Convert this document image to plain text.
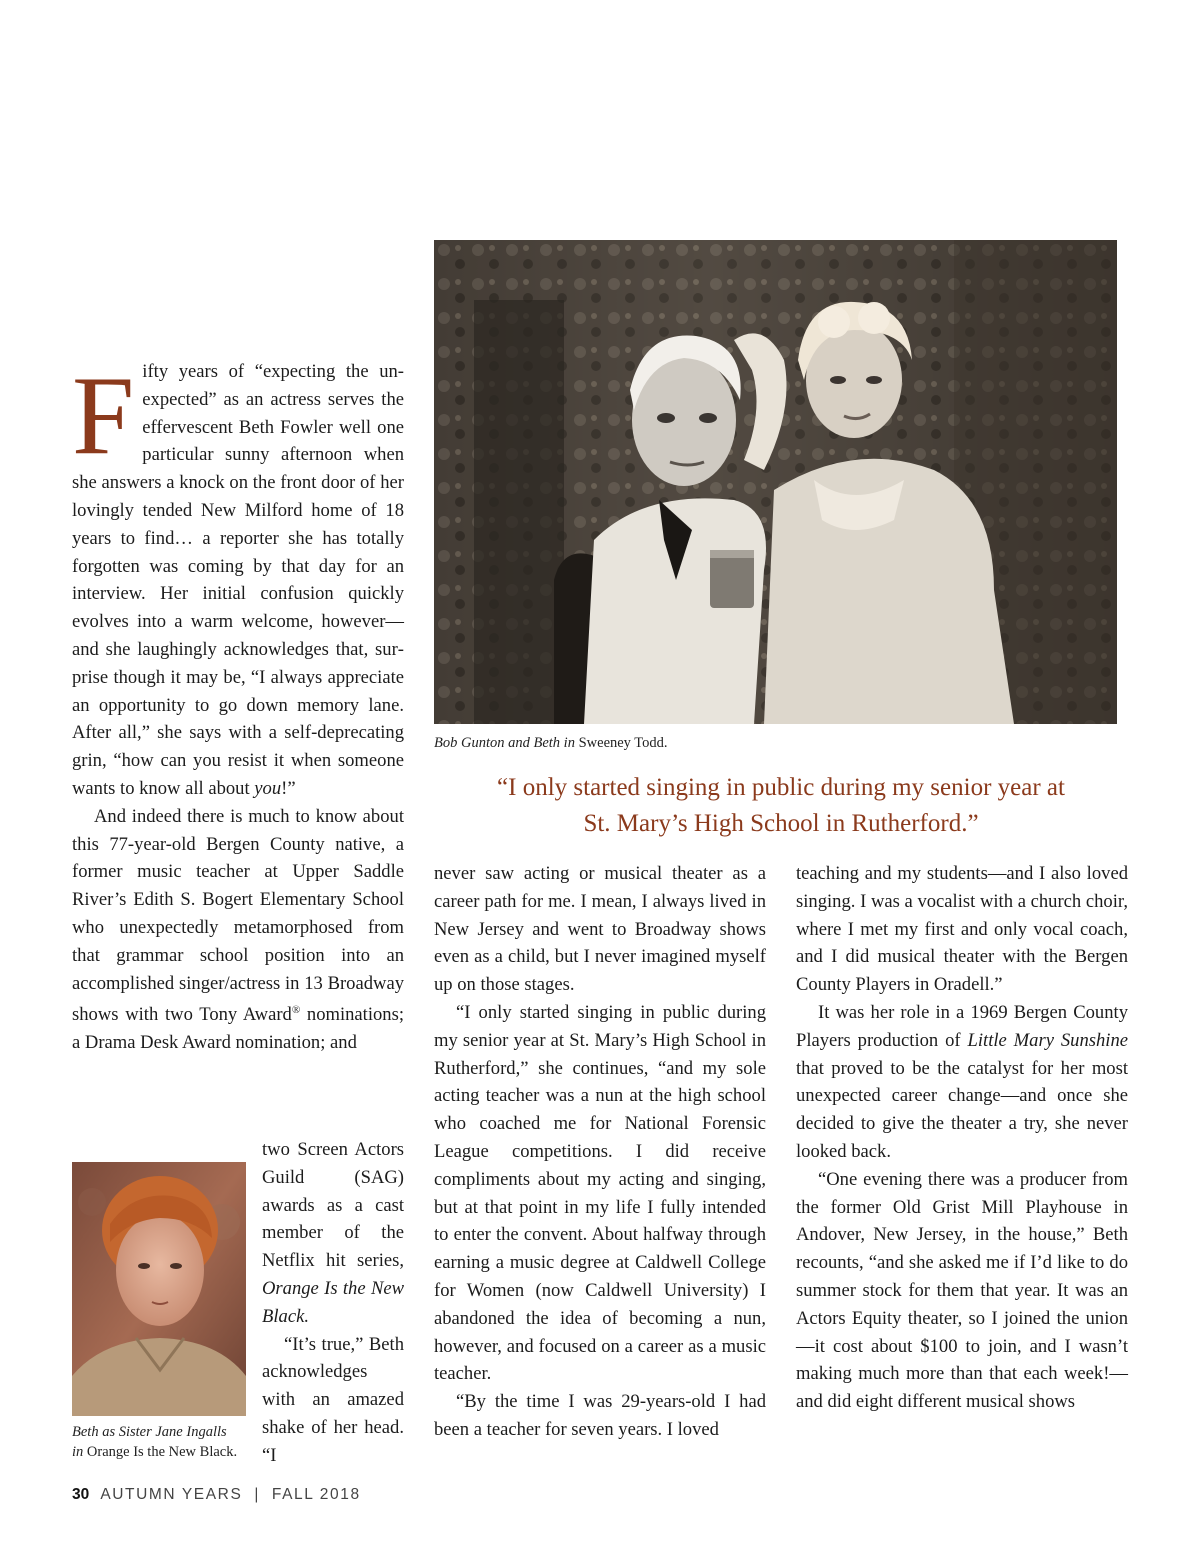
Fifty years of “expecting the unexpected” as an actress serves the effervescent Beth Fowler well one particular sunny afternoon when she answers a knock on the front door of her lovingly tended New Milford home of 18 years to find… a reporter she has totally forgotten was coming by that day for an interview. Her initial confusion quickly evolves into a warm welcome, however—and she laughingly acknowledges that, surprise though it may be, “I always appreciate an opportunity to go down memory lane. After all,” she says with a self-deprecating grin, “how can you resist it when someone wants to know all about you!”

And indeed there is much to know about this 77-year-old Bergen County native, a former music teacher at Upper Saddle River’s Edith S. Bogert Elementary School who unexpectedly metamorphosed from that grammar school position into an accomplished singer/actress in 13 Broadway shows with two Tony Award® nominations; a Drama Desk Award nomination; and

two Screen Actors Guild (SAG) awards as a cast member of the Netflix hit series, Orange Is the New Black.

“It’s true,” Beth acknowledges with an amazed shake of her head. “I

Beth as Sister Jane Ingalls
in Orange Is the New Black.
Bob Gunton and Beth in Sweeney Todd.
“I only started singing in public during my senior year at
St. Mary’s High School in Rutherford.”

never saw acting or musical theater as a career path for me. I mean, I always lived in New Jersey and went to Broadway shows even as a child, but I never imagined myself up on those stages.

“I only started singing in public during my senior year at St. Mary’s High School in Rutherford,” she continues, “and my sole acting teacher was a nun at the high school who coached me for National Forensic League competitions. I did receive compliments about my acting and singing, but at that point in my life I fully intended to enter the convent. About halfway through earning a music degree at Caldwell College for Women (now Caldwell University) I abandoned the idea of becoming a nun, however, and focused on a career as a music teacher.

“By the time I was 29-years-old I had been a teacher for seven years. I loved

teaching and my students—and I also loved singing. I was a vocalist with a church choir, where I met my first and only vocal coach, and I did musical theater with the Bergen County Players in Oradell.”

It was her role in a 1969 Bergen County Players production of Little Mary Sunshine that proved to be the catalyst for her most unexpected career change—and once she decided to give the theater a try, she never looked back.

“One evening there was a producer from the former Old Grist Mill Playhouse in Andover, New Jersey, in the house,” Beth recounts, “and she asked me if I’d like to do summer stock for them that year. It was an Actors Equity theater, so I joined the union—it cost about $100 to join, and I wasn’t making much more than that each week!—and did eight different musical shows

30 AUTUMN YEARS | FALL 2018
